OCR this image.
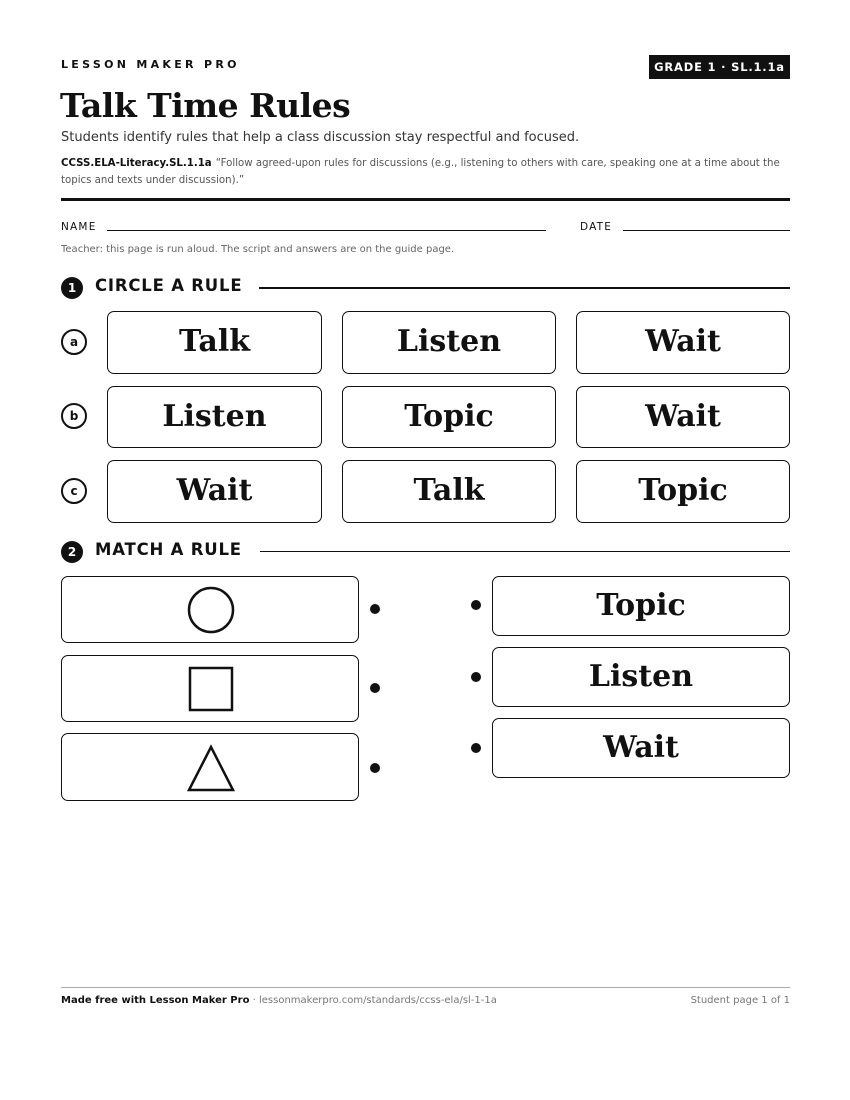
LESSON MAKER PRO	GRADE 1 · SL.1.1a
Talk Time Rules
Students identify rules that help a class discussion stay respectful and focused.
CCSS.ELA-Literacy.SL.1.1a “Follow agreed-upon rules for discussions (e.g., listening to others with care, speaking one at a time about the topics and texts under discussion).”
NAME	DATE
Teacher: this page is run aloud. The script and answers are on the guide page.
1	CIRCLE A RULE
a	Talk	Listen	Wait
b	Listen	Topic	Wait
c	Wait	Talk	Topic
2	MATCH A RULE
Topic
Listen
Wait
Made free with Lesson Maker Pro · lessonmakerpro.com/standards/ccss-ela/sl-1-1a	Student page 1 of 1
